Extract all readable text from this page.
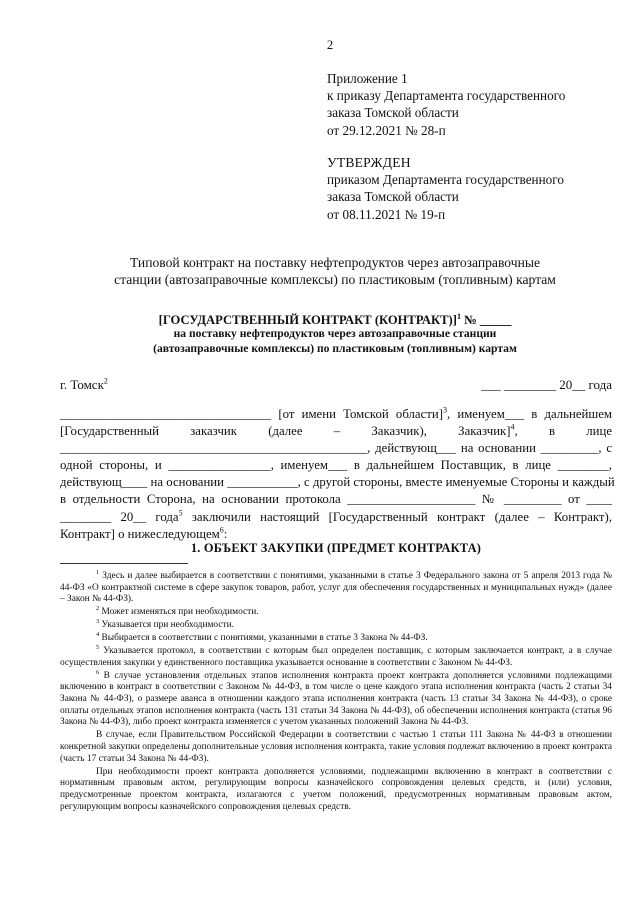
2
Приложение 1
к приказу Департамента государственного
заказа Томской области
от 29.12.2021 № 28-п
УТВЕРЖДЕН
приказом Департамента государственного
заказа Томской области
от 08.11.2021 № 19-п
Типовой контракт на поставку нефтепродуктов через автозаправочные
станции (автозаправочные комплексы) по пластиковым (топливным) картам
[ГОСУДАРСТВЕННЫЙ КОНТРАКТ (КОНТРАКТ)]$^1$ № _____
на поставку нефтепродуктов через автозаправочные станции
(автозаправочные комплексы) по пластиковым (топливным) картам
г. Томск$^2$	___ ________ 20__ года
_________________________________ [от имени Томской области]$^3$, именуем___ в дальнейшем
[Государственный заказчик (далее – Заказчик), Заказчик]$^4$, в лице
________________________________________________, действующ___ на основании _________, с
одной стороны, и ________________, именуем___ в дальнейшем Поставщик, в лице ________,
действующ____ на основании ___________, с другой стороны, вместе именуемые Стороны и каждый
в отдельности Сторона, на основании протокола ____________________ № _________ от ____
________ 20__ года$^5$ заключили настоящий [Государственный контракт (далее – Контракт),
Контракт] о нижеследующем$^6$:
1. ОБЪЕКТ ЗАКУПКИ (ПРЕДМЕТ КОНТРАКТА)

$^1$ Здесь и далее выбирается в соответствии с понятиями, указанными в статье 3 Федерального закона от 5 апреля 2013 года № 44-ФЗ «О контрактной системе в сфере закупок товаров, работ, услуг для обеспечения государственных и муниципальных нужд» (далее – Закон № 44-ФЗ).

$^2$ Может изменяться при необходимости.

$^3$ Указывается при необходимости.

$^4$ Выбирается в соответствии с понятиями, указанными в статье 3 Закона № 44-ФЗ.

$^5$ Указывается протокол, в соответствии с которым был определен поставщик, с которым заключается контракт, а в случае осуществления закупки у единственного поставщика указывается основание в соответствии с Законом № 44-ФЗ.

$^6$ В случае установления отдельных этапов исполнения контракта проект контракта дополняется условиями подлежащими включению в контракт в соответствии с Законом № 44-ФЗ, в том числе о цене каждого этапа исполнения контракта (часть 2 статьи 34 Закона № 44-ФЗ), о размере аванса в отношении каждого этапа исполнения контракта (часть 13 статьи 34 Закона № 44-ФЗ), о сроке оплаты отдельных этапов исполнения контракта (часть 131 статьи 34 Закона № 44-ФЗ), об обеспечении исполнения контракта (статья 96 Закона № 44-ФЗ), либо проект контракта изменяется с учетом указанных положений Закона № 44-ФЗ.

В случае, если Правительством Российской Федерации в соответствии с частью 1 статьи 111 Закона № 44-ФЗ в отношении конкретной закупки определены дополнительные условия исполнения контракта, такие условия подлежат включению в проект контракта (часть 17 статьи 34 Закона № 44-ФЗ).

При необходимости проект контракта дополняется условиями, подлежащими включению в контракт в соответствии с нормативным правовым актом, регулирующим вопросы казначейского сопровождения целевых средств, и (или) условия, предусмотренные проектом контракта, излагаются с учетом положений, предусмотренных нормативным правовым актом, регулирующим вопросы казначейского сопровождения целевых средств.
